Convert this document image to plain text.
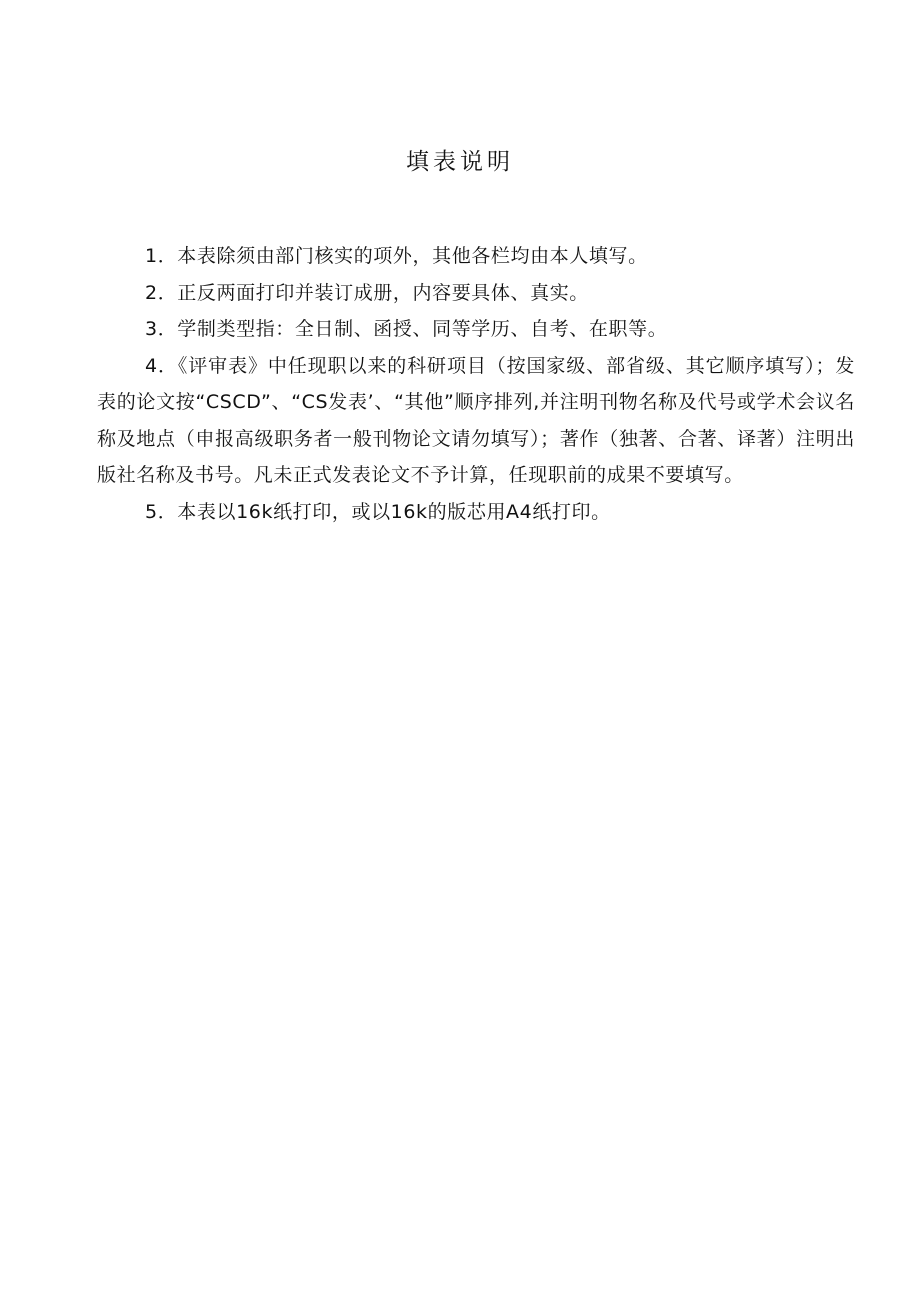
填表说明

1．本表除须由部门核实的项外，其他各栏均由本人填写。

2．正反两面打印并装订成册，内容要具体、真实。

3．学制类型指：全日制、函授、同等学历、自考、在职等。

4．《评审表》中任现职以来的科研项目（按国家级、部省级、其它顺序填写）；发表的论文按“CSCD”、“CS发表’、“其他”顺序排列,并注明刊物名称及代号或学术会议名称及地点（申报高级职务者一般刊物论文请勿填写）；著作（独著、合著、译著）注明出版社名称及书号。凡未正式发表论文不予计算，任现职前的成果不要填写。

5．本表以16k纸打印，或以16k的版芯用A4纸打印。
